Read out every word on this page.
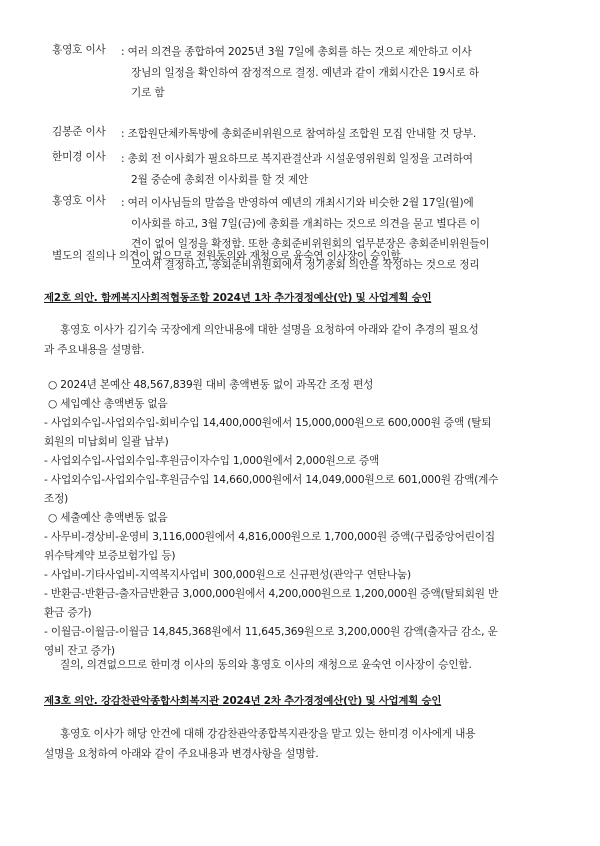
홍영호 이사	: 여러 의견을 종합하여 2025년 3월 7일에 총회를 하는 것으로 제안하고 이사
장님의 일정을 확인하여 잠정적으로 결정. 예년과 같이 개회시간은 19시로 하
기로 함
김봉준 이사	: 조합원단체카톡방에 총회준비위원으로 참여하실 조합원 모집 안내할 것 당부.
한미경 이사	: 총회 전 이사회가 필요하므로 복지관결산과 시설운영위원회 일정을 고려하여
2월 중순에 총회전 이사회를 할 것 제안
홍영호 이사	: 여러 이사님들의 말씀을 반영하여 예년의 개최시기와 비슷한 2월 17일(월)에
이사회를 하고, 3월 7일(금)에 총회를 개최하는 것으로 의견을 묻고 별다른 이
견이 없어 일정을 확정함. 또한 총회준비위원회의 업무분장은 총회준비위원들이
모여서 결정하고, 총회준비위원회에서 정기총회 의안을 작성하는 것으로 정리
별도의 질의나 의견이 없으므로 전원동의와 재청으로 윤숙연 이사장이 승인함.
제2호 의안. 함께복지사회적협동조합 2024년 1차 추가경정예산(안) 및 사업계획 승인
홍영호 이사가 김기숙 국장에게 의안내용에 대한 설명을 요청하여 아래와 같이 추경의 필요성
과 주요내용을 설명함.
○ 2024년 본예산 48,567,839원 대비 총액변동 없이 과목간 조정 편성
○ 세입예산 총액변동 없음
- 사업외수입-사업외수입-회비수입 14,400,000원에서 15,000,000원으로 600,000원 증액 (탈퇴
회원의 미납회비 일괄 납부)
- 사업외수입-사업외수입-후원금이자수입 1,000원에서 2,000원으로 증액
- 사업외수입-사업외수입-후원금수입 14,660,000원에서 14,049,000원으로 601,000원 감액(계수
조정)
○ 세출예산 총액변동 없음
- 사무비-경상비-운영비 3,116,000원에서 4,816,000원으로 1,700,000원 증액(구립중앙어린이집
위수탁계약 보증보험가입 등)
- 사업비-기타사업비-지역복지사업비 300,000원으로 신규편성(관악구 연탄나눔)
- 반환금-반환금-출자금반환금 3,000,000원에서 4,200,000원으로 1,200,000원 증액(탈퇴회원 반
환금 증가)
- 이월금-이월금-이월금 14,845,368원에서 11,645,369원으로 3,200,000원 감액(출자금 감소, 운
영비 잔고 증가)
질의, 의견없으므로 한미경 이사의 동의와 홍영호 이사의 재청으로 윤숙연 이사장이 승인함.
제3호 의안. 강감찬관악종합사회복지관 2024년 2차 추가경정예산(안) 및 사업계획 승인
홍영호 이사가 해당 안건에 대해 강감찬관악종합복지관장을 맡고 있는 한미경 이사에게 내용
설명을 요청하여 아래와 같이 주요내용과 변경사항을 설명함.
